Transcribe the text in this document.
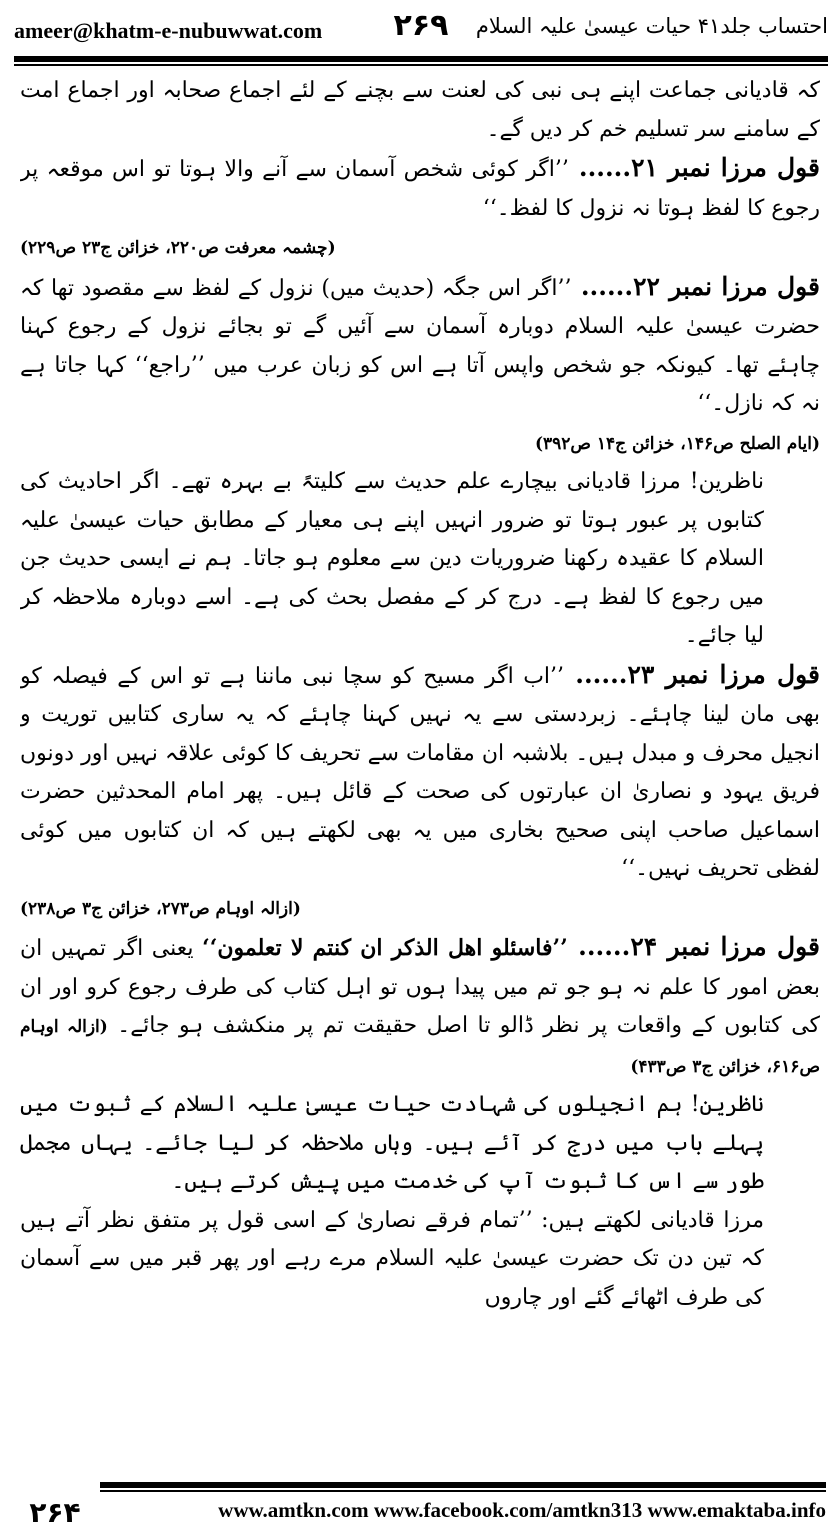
ameer@khatm-e-nubuwwat.com ۲۶۹	احتساب جلد۴۱ حیات عیسیٰ علیہ السلام

کہ قادیانی جماعت اپنے ہی نبی کی لعنت سے بچنے کے لئے اجماع صحابہ اور اجماع امت کے سامنے سر تسلیم خم کر دیں گے۔

قول مرزا نمبر ۲۱...... ’’اگر کوئی شخص آسمان سے آنے والا ہوتا تو اس موقعہ پر رجوع کا لفظ ہوتا نہ نزول کا لفظ۔‘‘

(چشمہ معرفت ص۲۲۰، خزائن ج۲۳ ص۲۲۹)

قول مرزا نمبر ۲۲...... ’’اگر اس جگہ (حدیث میں) نزول کے لفظ سے مقصود تھا کہ حضرت عیسیٰ علیہ السلام دوبارہ آسمان سے آئیں گے تو بجائے نزول کے رجوع کہنا چاہئے تھا۔ کیونکہ جو شخص واپس آتا ہے اس کو زبان عرب میں ’’راجع‘‘ کہا جاتا ہے نہ کہ نازل۔‘‘

(ایام الصلح ص۱۴۶، خزائن ج۱۴ ص۳۹۲)

ناظرین! مرزا قادیانی بیچارے علم حدیث سے کلیتہً بے بہرہ تھے۔ اگر احادیث کی کتابوں پر عبور ہوتا تو ضرور انہیں اپنے ہی معیار کے مطابق حیات عیسیٰ علیہ السلام کا عقیدہ رکھنا ضروریات دین سے معلوم ہو جاتا۔ ہم نے ایسی حدیث جن میں رجوع کا لفظ ہے۔ درج کر کے مفصل بحث کی ہے۔ اسے دوبارہ ملاحظہ کر لیا جائے۔

قول مرزا نمبر ۲۳...... ’’اب اگر مسیح کو سچا نبی ماننا ہے تو اس کے فیصلہ کو بھی مان لینا چاہئے۔ زبردستی سے یہ نہیں کہنا چاہئے کہ یہ ساری کتابیں توریت و انجیل محرف و مبدل ہیں۔ بلاشبہ ان مقامات سے تحریف کا کوئی علاقہ نہیں اور دونوں فریق یہود و نصاریٰ ان عبارتوں کی صحت کے قائل ہیں۔ پھر امام المحدثین حضرت اسماعیل صاحب اپنی صحیح بخاری میں یہ بھی لکھتے ہیں کہ ان کتابوں میں کوئی لفظی تحریف نہیں۔‘‘

(ازالہ اوہام ص۲۷۳، خزائن ج۳ ص۲۳۸)

قول مرزا نمبر ۲۴...... ’’فاسئلو اھل الذکر ان کنتم لا تعلمون‘‘ یعنی اگر تمہیں ان بعض امور کا علم نہ ہو جو تم میں پیدا ہوں تو اہل کتاب کی طرف رجوع کرو اور ان کی کتابوں کے واقعات پر نظر ڈالو تا اصل حقیقت تم پر منکشف ہو جائے۔ (ازالہ اوہام ص۶۱۶، خزائن ج۳ ص۴۳۳)

ناظرین! ہم انجیلوں کی شہادت حیات عیسیٰ علیہ السلام کے ثبوت میں پہلے باب میں درج کر آئے ہیں۔ وہاں ملاحظہ کر لیا جائے۔ یہاں مجمل طور سے اس کا ثبوت آپ کی خدمت میں پیش کرتے ہیں۔

مرزا قادیانی لکھتے ہیں: ’’تمام فرقے نصاریٰ کے اسی قول پر متفق نظر آتے ہیں کہ تین دن تک حضرت عیسیٰ علیہ السلام مرے رہے اور پھر قبر میں سے آسمان کی طرف اٹھائے گئے اور چاروں

۲۶۴	www.amtkn.com www.facebook.com/amtkn313 www.emaktaba.info
